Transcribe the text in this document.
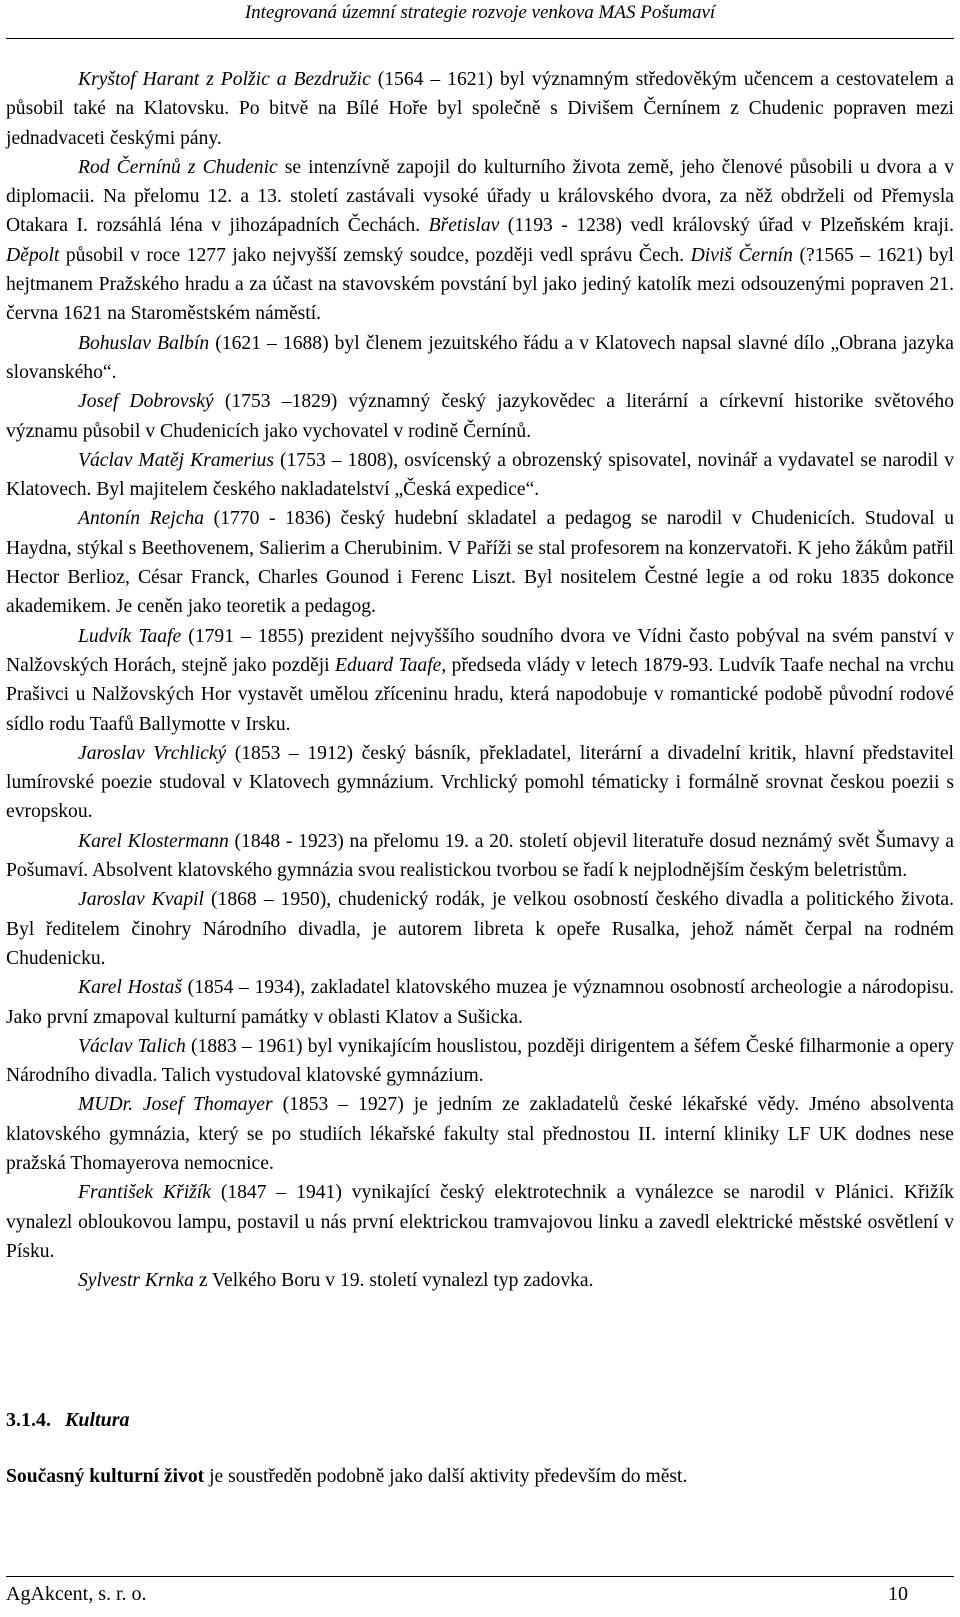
Integrovaná územní strategie rozvoje venkova MAS Pošumaví

Kryštof Harant z Polžic a Bezdružic (1564 – 1621) byl významným středověkým učencem a cestovatelem a působil také na Klatovsku. Po bitvě na Bílé Hoře byl společně s Divišem Černínem z Chudenic popraven mezi jednadvaceti českými pány.

Rod Černínů z Chudenic se intenzívně zapojil do kulturního života země, jeho členové působili u dvora a v diplomacii. Na přelomu 12. a 13. století zastávali vysoké úřady u královského dvora, za něž obdrželi od Přemysla Otakara I. rozsáhlá léna v jihozápadních Čechách. Břetislav (1193 - 1238) vedl královský úřad v Plzeňském kraji. Děpolt působil v roce 1277 jako nejvyšší zemský soudce, později vedl správu Čech. Diviš Černín (?1565 – 1621) byl hejtmanem Pražského hradu a za účast na stavovském povstání byl jako jediný katolík mezi odsouzenými popraven 21. června 1621 na Staroměstském náměstí.

Bohuslav Balbín (1621 – 1688) byl členem jezuitského řádu a v Klatovech napsal slavné dílo „Obrana jazyka slovanského“.

Josef Dobrovský (1753 –1829) významný český jazykovědec a literární a církevní historike světového významu působil v Chudenicích jako vychovatel v rodině Černínů.

Václav Matěj Kramerius (1753 – 1808), osvícenský a obrozenský spisovatel, novinář a vydavatel se narodil v Klatovech. Byl majitelem českého nakladatelství „Česká expedice“.

Antonín Rejcha (1770 - 1836) český hudební skladatel a pedagog se narodil v Chudenicích. Studoval u Haydna, stýkal s Beethovenem, Salierim a Cherubinim. V Paříži se stal profesorem na konzervatoři. K jeho žákům patřil Hector Berlioz, César Franck, Charles Gounod i Ferenc Liszt. Byl nositelem Čestné legie a od roku 1835 dokonce akademikem. Je ceněn jako teoretik a pedagog.

Ludvík Taafe (1791 – 1855) prezident nejvyššího soudního dvora ve Vídni často pobýval na svém panství v Nalžovských Horách, stejně jako později Eduard Taafe, předseda vlády v letech 1879-93. Ludvík Taafe nechal na vrchu Prašivci u Nalžovských Hor vystavět umělou zříceninu hradu, která napodobuje v romantické podobě původní rodové sídlo rodu Taafů Ballymotte v Irsku.

Jaroslav Vrchlický (1853 – 1912) český básník, překladatel, literární a divadelní kritik, hlavní představitel lumírovské poezie studoval v Klatovech gymnázium. Vrchlický pomohl tématicky i formálně srovnat českou poezii s evropskou.

Karel Klostermann (1848 - 1923) na přelomu 19. a 20. století objevil literatuře dosud neznámý svět Šumavy a Pošumaví. Absolvent klatovského gymnázia svou realistickou tvorbou se řadí k nejplodnějším českým beletristům.

Jaroslav Kvapil (1868 – 1950), chudenický rodák, je velkou osobností českého divadla a politického života. Byl ředitelem činohry Národního divadla, je autorem libreta k opeře Rusalka, jehož námět čerpal na rodném Chudenicku.

Karel Hostaš (1854 – 1934), zakladatel klatovského muzea je významnou osobností archeologie a národopisu. Jako první zmapoval kulturní památky v oblasti Klatov a Sušicka.

Václav Talich (1883 – 1961) byl vynikajícím houslistou, později dirigentem a šéfem České filharmonie a opery Národního divadla. Talich vystudoval klatovské gymnázium.

MUDr. Josef Thomayer (1853 – 1927) je jedním ze zakladatelů české lékařské vědy. Jméno absolventa klatovského gymnázia, který se po studiích lékařské fakulty stal přednostou II. interní kliniky LF UK dodnes nese pražská Thomayerova nemocnice.

František Křižík (1847 – 1941) vynikající český elektrotechnik a vynálezce se narodil v Plánici. Křižík vynalezl obloukovou lampu, postavil u nás první elektrickou tramvajovou linku a zavedl elektrické městské osvětlení v Písku.

Sylvestr Krnka z Velkého Boru v 19. století vynalezl typ zadovka.

3.1.4. Kultura
Současný kulturní život je soustředěn podobně jako další aktivity především do měst.
AgAkcent, s. r. o.	10
